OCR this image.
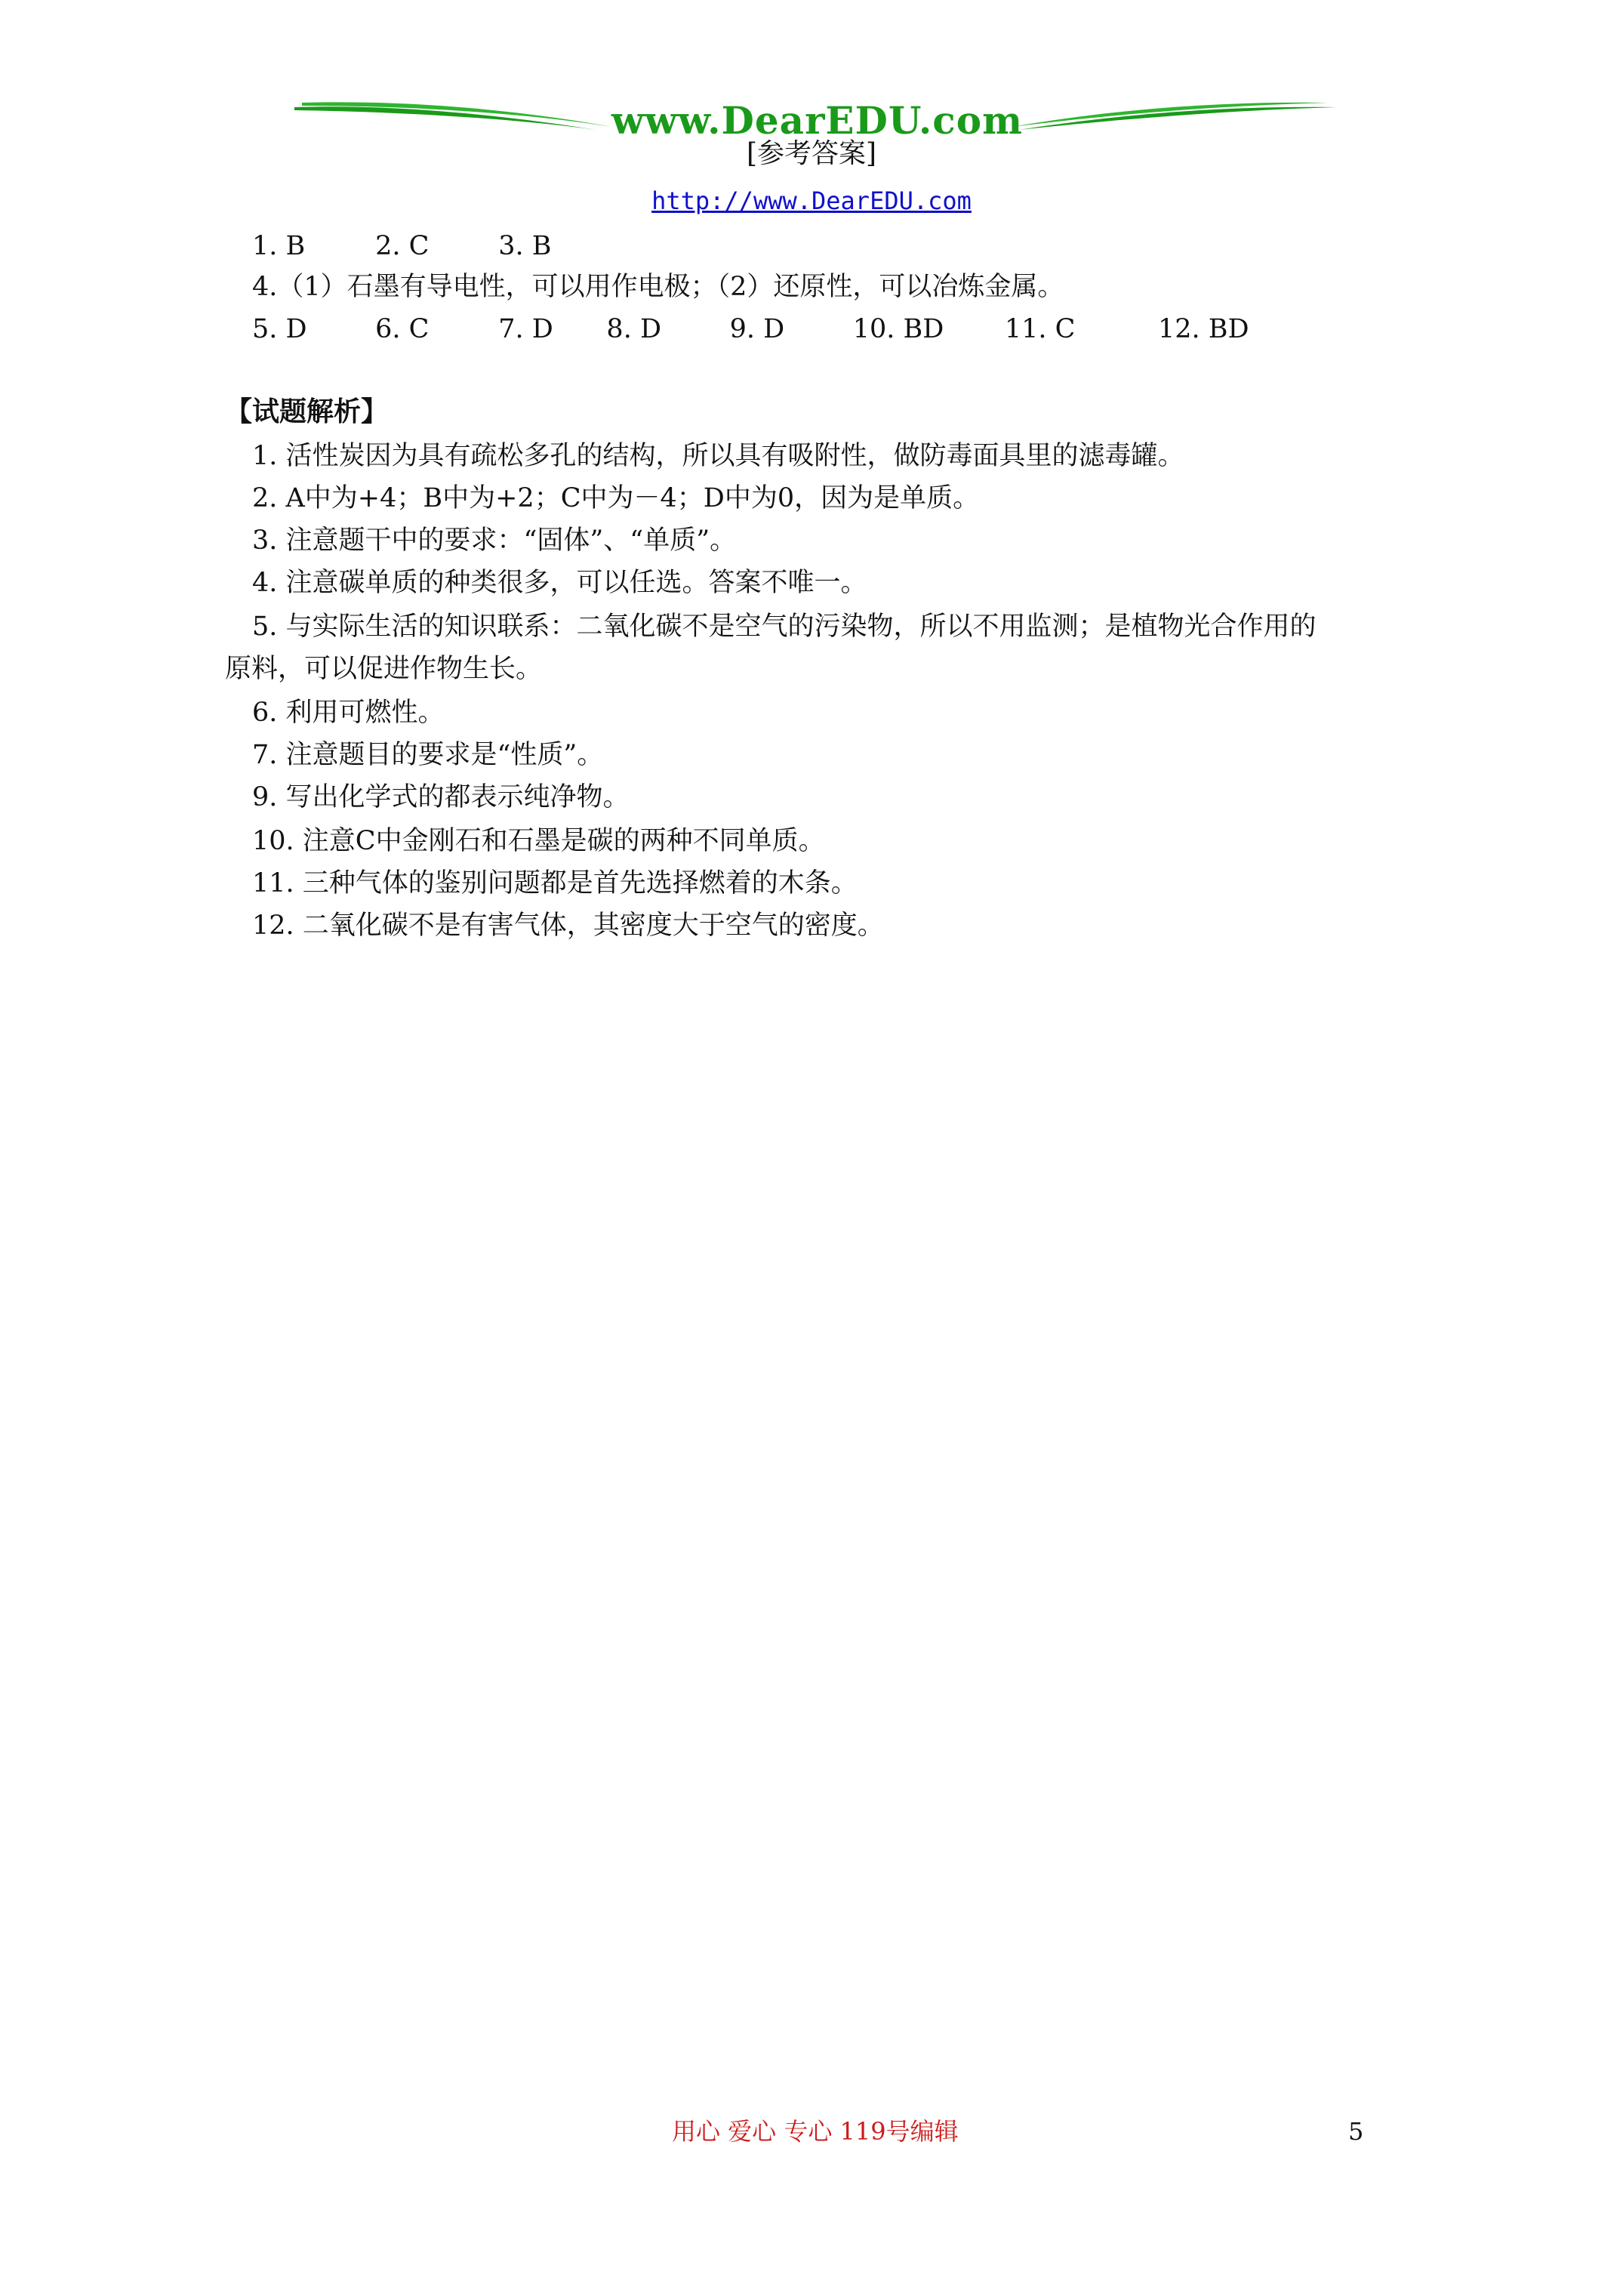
www.DearEDU.com
[参考答案]
http://www.DearEDU.com
1. B	2. C	3. B
4.（1）石墨有导电性，可以用作电极；（2）还原性，可以冶炼金属。
5. D	6. C	7. D 8. D	9. D	10. BD 11. C	12. BD
【试题解析】
1. 活性炭因为具有疏松多孔的结构，所以具有吸附性，做防毒面具里的滤毒罐。
2. A中为+4；B中为+2；C中为－4；D中为0，因为是单质。
3. 注意题干中的要求：“固体”、“单质”。
4. 注意碳单质的种类很多，可以任选。答案不唯一。
5. 与实际生活的知识联系：二氧化碳不是空气的污染物，所以不用监测；是植物光合作用的
原料，可以促进作物生长。
6. 利用可燃性。
7. 注意题目的要求是“性质”。
9. 写出化学式的都表示纯净物。
10. 注意C中金刚石和石墨是碳的两种不同单质。
11. 三种气体的鉴别问题都是首先选择燃着的木条。
12. 二氧化碳不是有害气体，其密度大于空气的密度。
用心 爱心 专心 119号编辑	5
